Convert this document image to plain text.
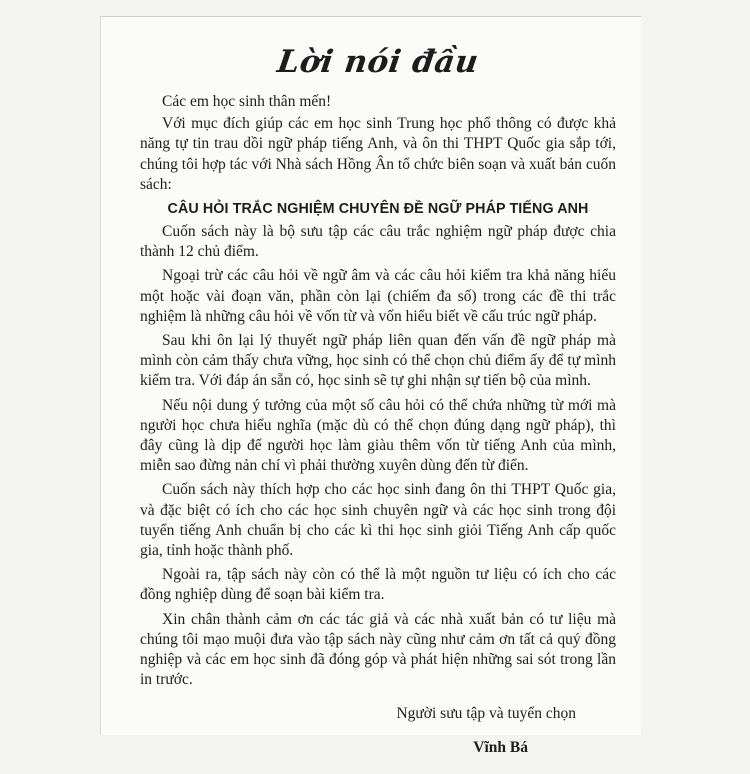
Lời nói đầu

Các em học sinh thân mến!

Với mục đích giúp các em học sinh Trung học phổ thông có được khả năng tự tin trau dồi ngữ pháp tiếng Anh, và ôn thi THPT Quốc gia sắp tới, chúng tôi hợp tác với Nhà sách Hồng Ân tổ chức biên soạn và xuất bản cuốn sách:

CÂU HỎI TRẮC NGHIỆM CHUYÊN ĐỀ NGỮ PHÁP TIẾNG ANH

Cuốn sách này là bộ sưu tập các câu trắc nghiệm ngữ pháp được chia thành 12 chủ điểm.

Ngoại trừ các câu hỏi về ngữ âm và các câu hỏi kiểm tra khả năng hiểu một hoặc vài đoạn văn, phần còn lại (chiếm đa số) trong các đề thi trắc nghiệm là những câu hỏi về vốn từ và vốn hiểu biết về cấu trúc ngữ pháp.

Sau khi ôn lại lý thuyết ngữ pháp liên quan đến vấn đề ngữ pháp mà mình còn cảm thấy chưa vững, học sinh có thể chọn chủ điểm ấy để tự mình kiểm tra. Với đáp án sẵn có, học sinh sẽ tự ghi nhận sự tiến bộ của mình.

Nếu nội dung ý tưởng của một số câu hỏi có thể chứa những từ mới mà người học chưa hiểu nghĩa (mặc dù có thể chọn đúng dạng ngữ pháp), thì đây cũng là dịp để người học làm giàu thêm vốn từ tiếng Anh của mình, miễn sao đừng nản chí vì phải thường xuyên dùng đến từ điển.

Cuốn sách này thích hợp cho các học sinh đang ôn thi THPT Quốc gia, và đặc biệt có ích cho các học sinh chuyên ngữ và các học sinh trong đội tuyển tiếng Anh chuẩn bị cho các kì thi học sinh giỏi Tiếng Anh cấp quốc gia, tỉnh hoặc thành phố.

Ngoài ra, tập sách này còn có thể là một nguồn tư liệu có ích cho các đồng nghiệp dùng để soạn bài kiểm tra.

Xin chân thành cảm ơn các tác giả và các nhà xuất bản có tư liệu mà chúng tôi mạo muội đưa vào tập sách này cũng như cảm ơn tất cả quý đồng nghiệp và các em học sinh đã đóng góp và phát hiện những sai sót trong lần in trước.

Người sưu tập và tuyển chọn

Vĩnh Bá
